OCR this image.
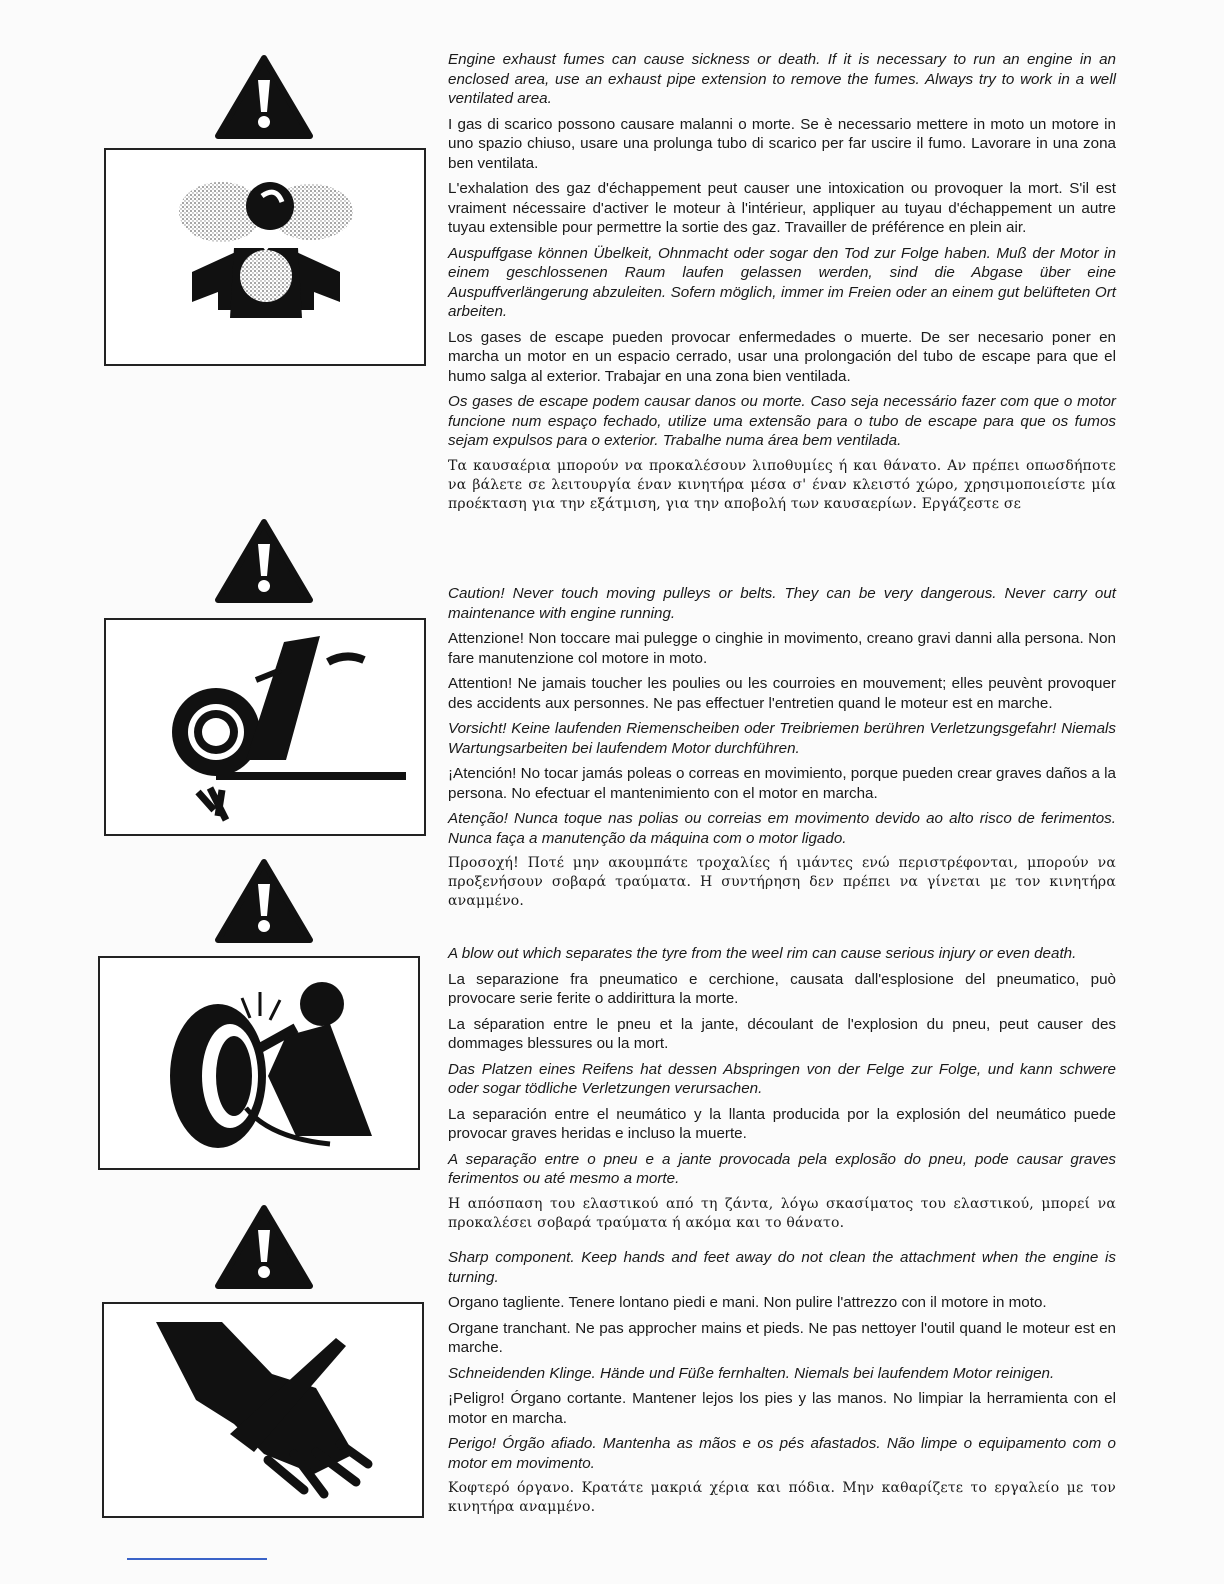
Engine exhaust fumes can cause sickness or death. If it is necessary to run an engine in an enclosed area, use an exhaust pipe extension to remove the fumes. Always try to work in a well ventilated area.

I gas di scarico possono causare malanni o morte. Se è necessario mettere in moto un motore in uno spazio chiuso, usare una prolunga tubo di scarico per far uscire il fumo. Lavorare in una zona ben ventilata.

L'exhalation des gaz d'échappement peut causer une intoxication ou provoquer la mort. S'il est vraiment nécessaire d'activer le moteur à l'intérieur, appliquer au tuyau d'échappement un autre tuyau extensible pour permettre la sortie des gaz. Travailler de préférence en plein air.

Auspuffgase können Übelkeit, Ohnmacht oder sogar den Tod zur Folge haben. Muß der Motor in einem geschlossenen Raum laufen gelassen werden, sind die Abgase über eine Auspuffverlängerung abzuleiten. Sofern möglich, immer im Freien oder an einem gut belüfteten Ort arbeiten.

Los gases de escape pueden provocar enfermedades o muerte. De ser necesario poner en marcha un motor en un espacio cerrado, usar una prolongación del tubo de escape para que el humo salga al exterior. Trabajar en una zona bien ventilada.

Os gases de escape podem causar danos ou morte. Caso seja necessário fazer com que o motor funcione num espaço fechado, utilize uma extensão para o tubo de escape para que os fumos sejam expulsos para o exterior. Trabalhe numa área bem ventilada.

Τα καυσαέρια μπορούν να προκαλέσουν λιποθυμίες ή και θάνατο. Αν πρέπει οπωσδήποτε να βάλετε σε λειτουργία έναν κινητήρα μέσα σ' έναν κλειστό χώρο, χρησιμοποιείστε μία προέκταση για την εξάτμιση, για την αποβολή των καυσαερίων. Εργάζεστε σε

Caution! Never touch moving pulleys or belts. They can be very dangerous. Never carry out maintenance with engine running.

Attenzione! Non toccare mai pulegge o cinghie in movimento, creano gravi danni alla persona. Non fare manutenzione col motore in moto.

Attention! Ne jamais toucher les poulies ou les courroies en mouvement; elles peuvènt provoquer des accidents aux personnes. Ne pas effectuer l'entretien quand le moteur est en marche.

Vorsicht! Keine laufenden Riemenscheiben oder Treibriemen berühren Verletzungsgefahr! Niemals Wartungsarbeiten bei laufendem Motor durchführen.

¡Atención! No tocar jamás poleas o correas en movimiento, porque pueden crear graves daños a la persona. No efectuar el mantenimiento con el motor en marcha.

Atenção! Nunca toque nas polias ou correias em movimento devido ao alto risco de ferimentos. Nunca faça a manutenção da máquina com o motor ligado.

Προσοχή! Ποτέ μην ακουμπάτε τροχαλίες ή ιμάντες ενώ περιστρέφονται, μπορούν να προξενήσουν σοβαρά τραύματα. Η συντήρηση δεν πρέπει να γίνεται με τον κινητήρα αναμμένο.

A blow out which separates the tyre from the weel rim can cause serious injury or even death.

La separazione fra pneumatico e cerchione, causata dall'esplosione del pneumatico, può provocare serie ferite o addirittura la morte.

La séparation entre le pneu et la jante, découlant de l'explosion du pneu, peut causer des dommages blessures ou la mort.

Das Platzen eines Reifens hat dessen Abspringen von der Felge zur Folge, und kann schwere oder sogar tödliche Verletzungen verursachen.

La separación entre el neumático y la llanta producida por la explosión del neumático puede provocar graves heridas e incluso la muerte.

A separação entre o pneu e a jante provocada pela explosão do pneu, pode causar graves ferimentos ou até mesmo a morte.

Η απόσπαση του ελαστικού από τη ζάντα, λόγω σκασίματος του ελαστικού, μπορεί να προκαλέσει σοβαρά τραύματα ή ακόμα και το θάνατο.

Sharp component. Keep hands and feet away do not clean the attachment when the engine is turning.

Organo tagliente. Tenere lontano piedi e mani. Non pulire l'attrezzo con il motore in moto.

Organe tranchant. Ne pas approcher mains et pieds. Ne pas nettoyer l'outil quand le moteur est en marche.

Schneidenden Klinge. Hände und Füße fernhalten. Niemals bei laufendem Motor reinigen.

¡Peligro! Órgano cortante. Mantener lejos los pies y las manos. No limpiar la herramienta con el motor en marcha.

Perigo! Órgão afiado. Mantenha as mãos e os pés afastados. Não limpe o equipamento com o motor em movimento.

Κοφτερό όργανο. Κρατάτε μακριά χέρια και πόδια. Μην καθαρίζετε το εργαλείο με τον κινητήρα αναμμένο.
